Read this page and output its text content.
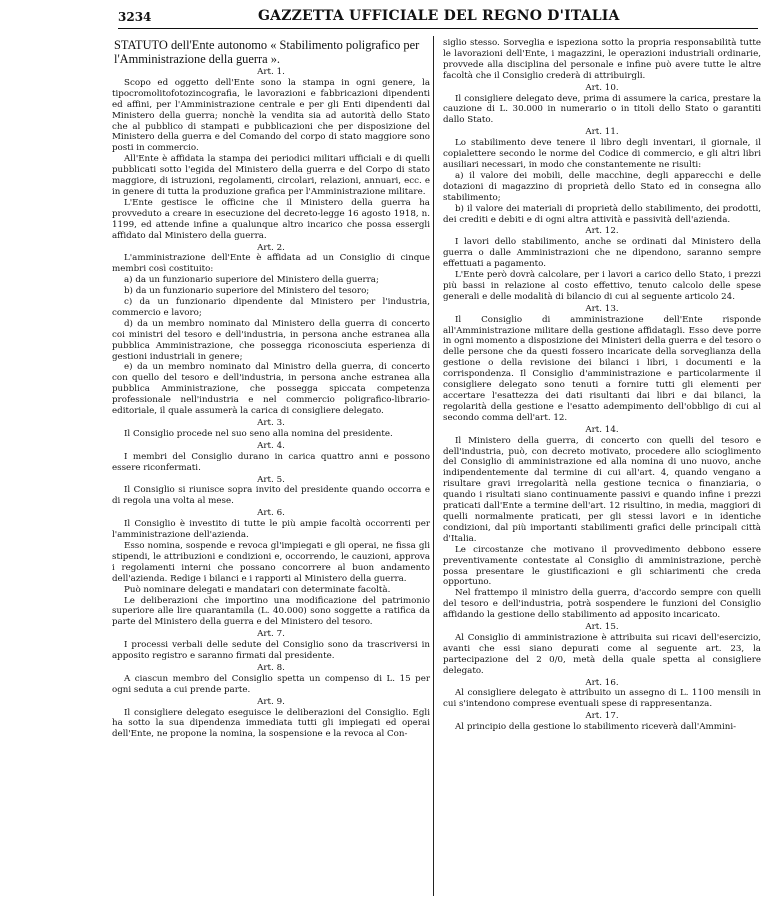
3234	GAZZETTA UFFICIALE DEL REGNO D'ITALIA
STATUTO dell'Ente autonomo « Stabilimento poligrafico per l'Amministrazione della guerra ».
Art. 1.

Scopo ed oggetto dell'Ente sono la stampa in ogni genere, la tipocromolitofotozincografia, le lavorazioni e fabbricazioni dipendenti ed affini, per l'Amministrazione centrale e per gli Enti dipendenti dal Ministero della guerra; nonchè la vendita sia ad autorità dello Stato che al pubblico di stampati e pubblicazioni che per disposizione del Ministero della guerra e del Comando del corpo di stato maggiore sono posti in commercio.

All'Ente è affidata la stampa dei periodici militari ufficiali e di quelli pubblicati sotto l'egida del Ministero della guerra e del Corpo di stato maggiore, di istruzioni, regolamenti, circolari, relazioni, annuari, ecc. e in genere di tutta la produzione grafica per l'Amministrazione militare.

L'Ente gestisce le officine che il Ministero della guerra ha provveduto a creare in esecuzione del decreto-legge 16 agosto 1918, n. 1199, ed attende infine a qualunque altro incarico che possa essergli affidato dal Ministero della guerra.

Art. 2.

L'amministrazione dell'Ente è affidata ad un Consiglio di cinque membri così costituito:

a) da un funzionario superiore del Ministero della guerra;

b) da un funzionario superiore del Ministero del tesoro;

c) da un funzionario dipendente dal Ministero per l'industria, commercio e lavoro;

d) da un membro nominato dal Ministero della guerra di concerto coi ministri del tesoro e dell'industria, in persona anche estranea alla pubblica Amministrazione, che possegga riconosciuta esperienza di gestioni industriali in genere;

e) da un membro nominato dal Ministro della guerra, di concerto con quello del tesoro e dell'industria, in persona anche estranea alla pubblica Amministrazione, che possegga spiccata competenza professionale nell'industria e nel commercio poligrafico-librario-editoriale, il quale assumerà la carica di consigliere delegato.

Art. 3.

Il Consiglio procede nel suo seno alla nomina del presidente.

Art. 4.

I membri del Consiglio durano in carica quattro anni e possono essere riconfermati.

Art. 5.

Il Consiglio si riunisce sopra invito del presidente quando occorra e di regola una volta al mese.

Art. 6.

Il Consiglio è investito di tutte le più ampie facoltà occorrenti per l'amministrazione dell'azienda.

Esso nomina, sospende e revoca gl'impiegati e gli operai, ne fissa gli stipendi, le attribuzioni e condizioni e, occorrendo, le cauzioni, approva i regolamenti interni che possano concorrere al buon andamento dell'azienda. Redige i bilanci e i rapporti al Ministero della guerra.

Può nominare delegati e mandatari con determinate facoltà.

Le deliberazioni che importino una modificazione del patrimonio superiore alle lire quarantamila (L. 40.000) sono soggette a ratifica da parte del Ministero della guerra e del Ministero del tesoro.

Art. 7.

I processi verbali delle sedute del Consiglio sono da trascriversi in apposito registro e saranno firmati dal presidente.

Art. 8.

A ciascun membro del Consiglio spetta un compenso di L. 15 per ogni seduta a cui prende parte.

Art. 9.

Il consigliere delegato eseguisce le deliberazioni del Consiglio. Egli ha sotto la sua dipendenza immediata tutti gli impiegati ed operai dell'Ente, ne propone la nomina, la sospensione e la revoca al Con-

siglio stesso. Sorveglia e ispeziona sotto la propria responsabilità tutte le lavorazioni dell'Ente, i magazzini, le operazioni industriali ordinarie, provvede alla disciplina del personale e infine può avere tutte le altre facoltà che il Consiglio crederà di attribuirgli.

Art. 10.

Il consigliere delegato deve, prima di assumere la carica, prestare la cauzione di L. 30.000 in numerario o in titoli dello Stato o garantiti dallo Stato.

Art. 11.

Lo stabilimento deve tenere il libro degli inventari, il giornale, il copialettere secondo le norme del Codice di commercio, e gli altri libri ausiliari necessari, in modo che constantemente ne risulti:

a) il valore dei mobili, delle macchine, degli apparecchi e delle dotazioni di magazzino di proprietà dello Stato ed in consegna allo stabilimento;

b) il valore dei materiali di proprietà dello stabilimento, dei prodotti, dei crediti e debiti e di ogni altra attività e passività dell'azienda.

Art. 12.

I lavori dello stabilimento, anche se ordinati dal Ministero della guerra o dalle Amministrazioni che ne dipendono, saranno sempre effettuati a pagamento.

L'Ente però dovrà calcolare, per i lavori a carico dello Stato, i prezzi più bassi in relazione al costo effettivo, tenuto calcolo delle spese generali e delle modalità di bilancio di cui al seguente articolo 24.

Art. 13.

Il Consiglio di amministrazione dell'Ente risponde all'Amministrazione militare della gestione affidatagli. Esso deve porre in ogni momento a disposizione dei Ministeri della guerra e del tesoro o delle persone che da questi fossero incaricate della sorveglianza della gestione o della revisione dei bilanci i libri, i documenti e la corrispondenza. Il Consiglio d'amministrazione e particolarmente il consigliere delegato sono tenuti a fornire tutti gli elementi per accertare l'esattezza dei dati risultanti dai libri e dai bilanci, la regolarità della gestione e l'esatto adempimento dell'obbligo di cui al secondo comma dell'art. 12.

Art. 14.

Il Ministero della guerra, di concerto con quelli del tesoro e dell'industria, può, con decreto motivato, procedere allo scioglimento del Consiglio di amministrazione ed alla nomina di uno nuovo, anche indipendentemente dal termine di cui all'art. 4, quando vengano a risultare gravi irregolarità nella gestione tecnica o finanziaria, o quando i risultati siano continuamente passivi e quando infine i prezzi praticati dall'Ente a termine dell'art. 12 risultino, in media, maggiori di quelli normalmente praticati, per gli stessi lavori e in identiche condizioni, dal più importanti stabilimenti grafici delle principali città d'Italia.

Le circostanze che motivano il provvedimento debbono essere preventivamente contestate al Consiglio di amministrazione, perchè possa presentare le giustificazioni e gli schiarimenti che creda opportuno.

Nel frattempo il ministro della guerra, d'accordo sempre con quelli del tesoro e dell'industria, potrà sospendere le funzioni del Consiglio affidando la gestione dello stabilimento ad apposito incaricato.

Art. 15.

Al Consiglio di amministrazione è attribuita sui ricavi dell'esercizio, avanti che essi siano depurati come al seguente art. 23, la partecipazione del 2 0/0, metà della quale spetta al consigliere delegato.

Art. 16.

Al consigliere delegato è attribuito un assegno di L. 1100 mensili in cui s'intendono comprese eventuali spese di rappresentanza.

Art. 17.

Al principio della gestione lo stabilimento riceverà dall'Ammini-
